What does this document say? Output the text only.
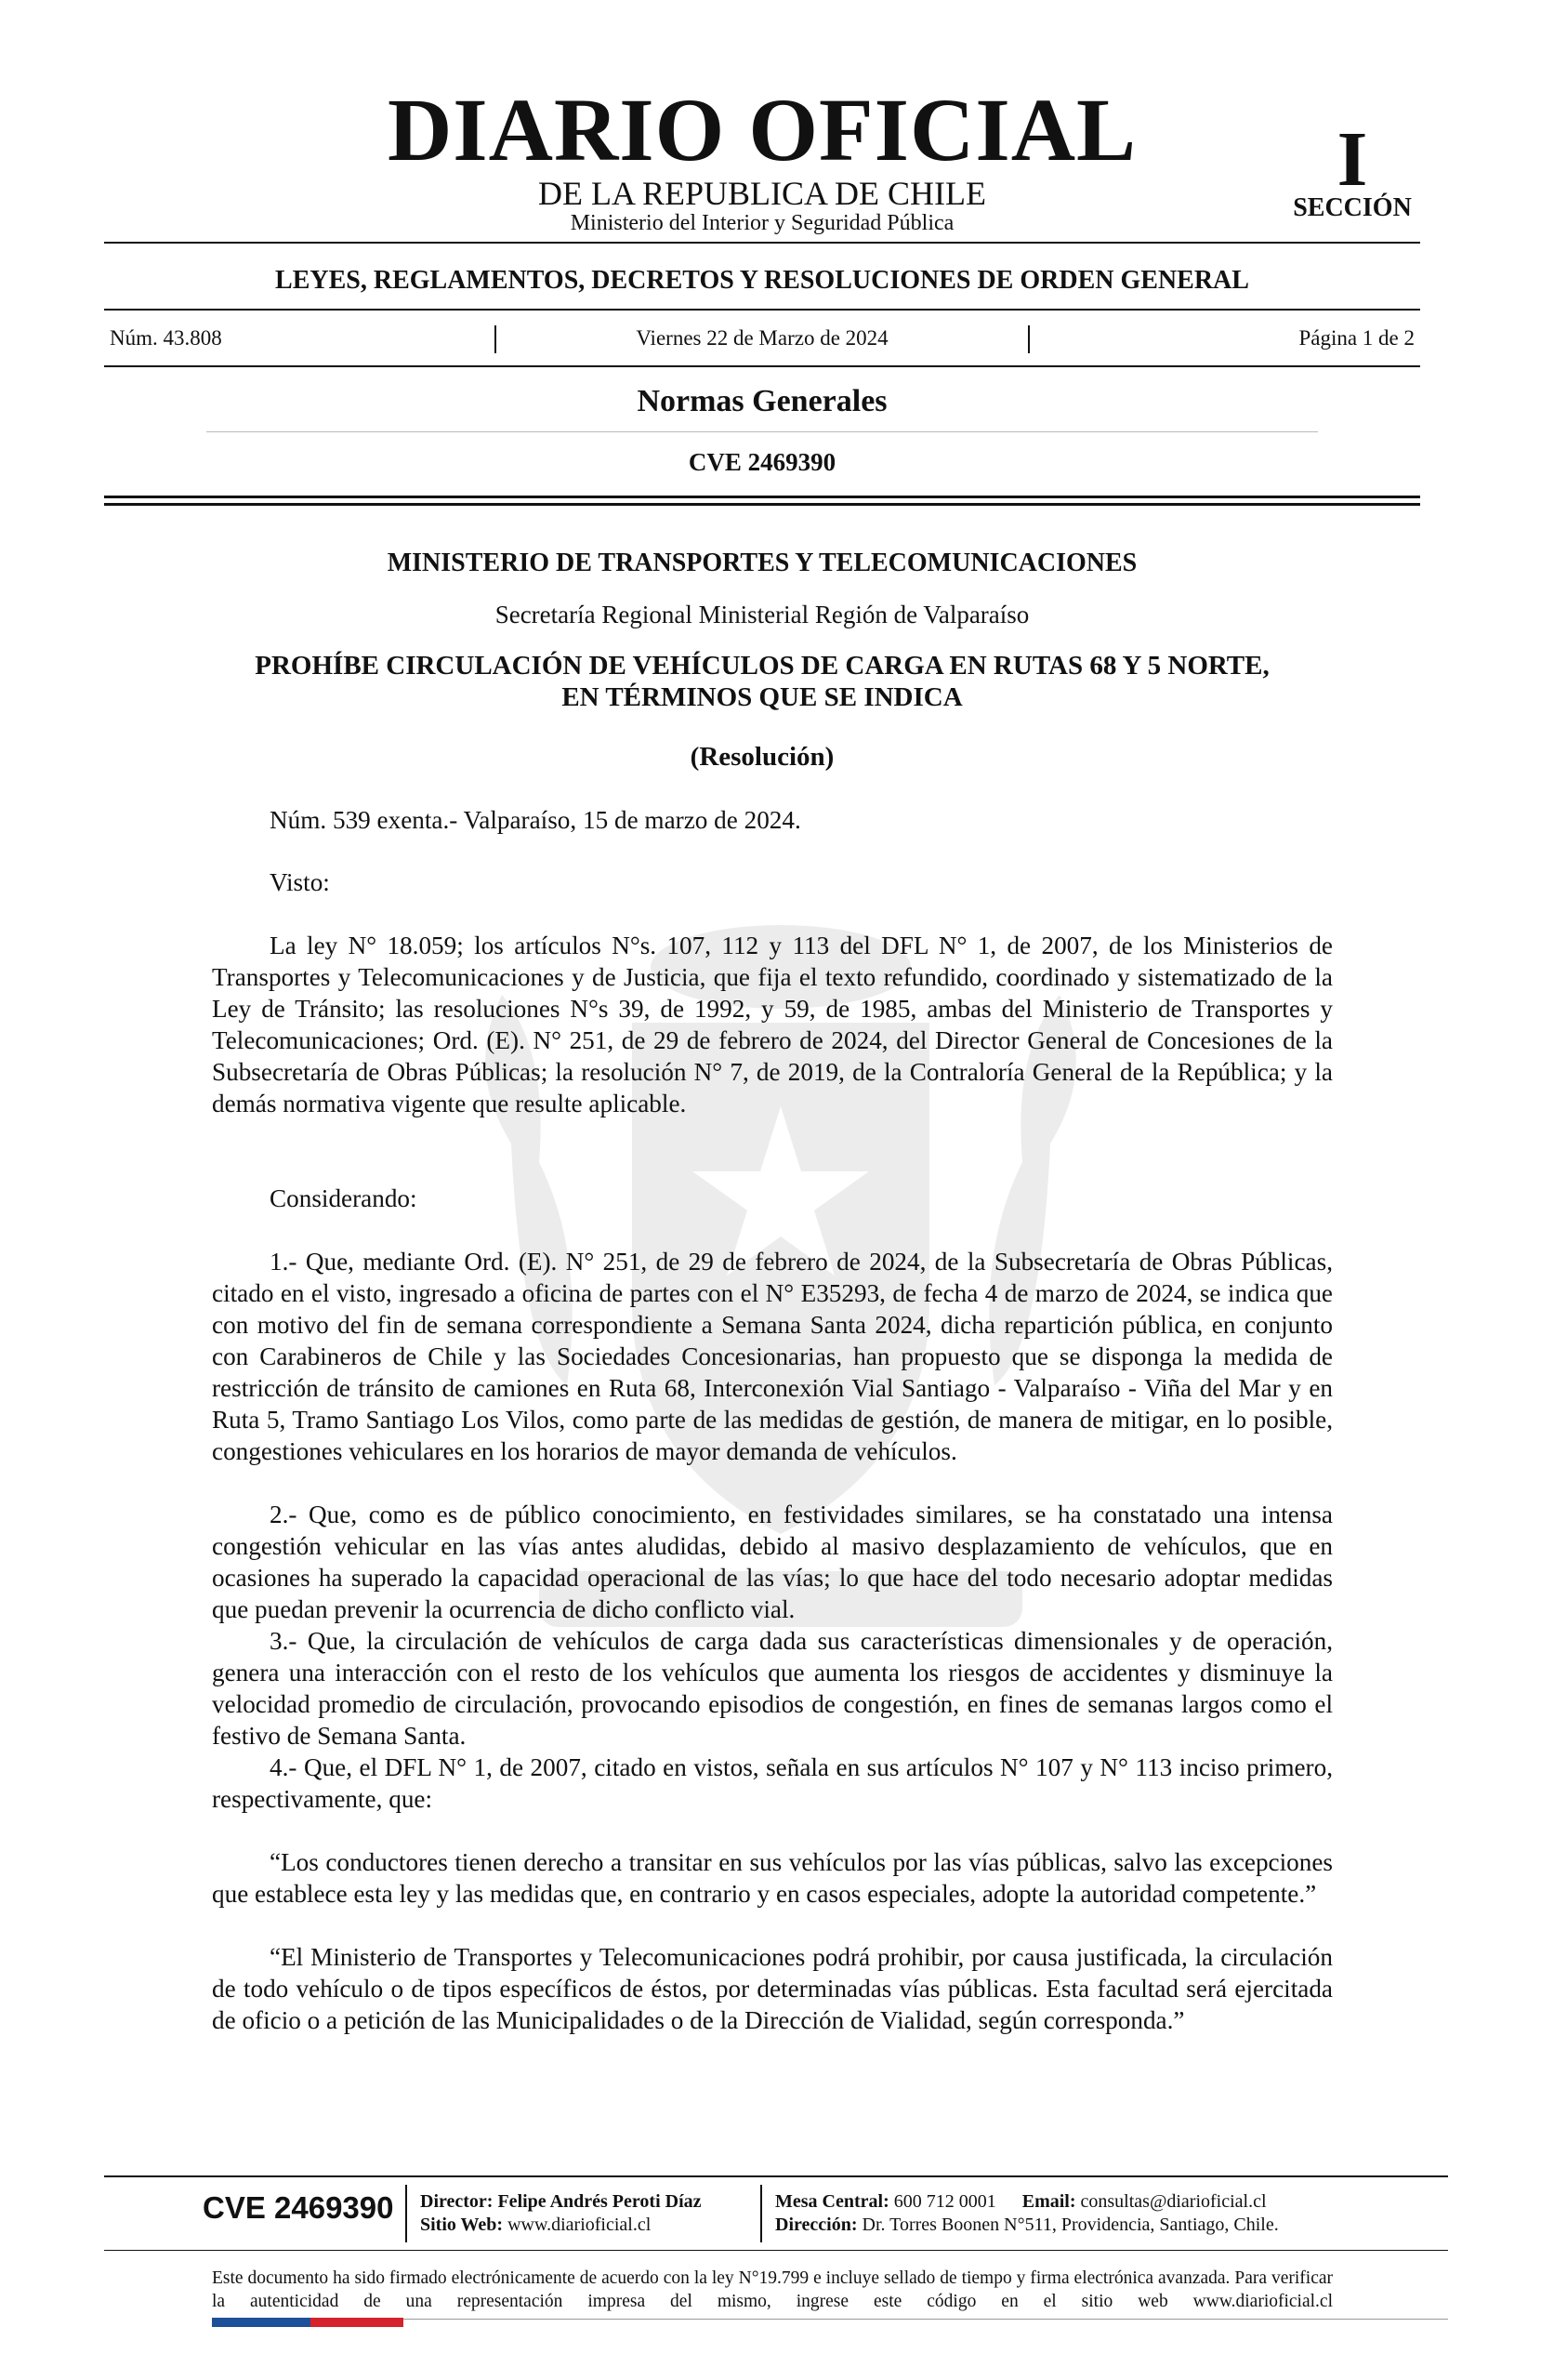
DIARIO OFICIAL
DE LA REPUBLICA DE CHILE
Ministerio del Interior y Seguridad Pública
I
SECCIÓN
LEYES, REGLAMENTOS, DECRETOS Y RESOLUCIONES DE ORDEN GENERAL
Núm. 43.808	Viernes 22 de Marzo de 2024	Página 1 de 2
Normas Generales
CVE 2469390
MINISTERIO DE TRANSPORTES Y TELECOMUNICACIONES
Secretaría Regional Ministerial Región de Valparaíso
PROHÍBE CIRCULACIÓN DE VEHÍCULOS DE CARGA EN RUTAS 68 Y 5 NORTE,
EN TÉRMINOS QUE SE INDICA
(Resolución)
Núm. 539 exenta.- Valparaíso, 15 de marzo de 2024.
Visto:
La ley N° 18.059; los artículos N°s. 107, 112 y 113 del DFL N° 1, de 2007, de los Ministerios de Transportes y Telecomunicaciones y de Justicia, que fija el texto refundido, coordinado y sistematizado de la Ley de Tránsito; las resoluciones N°s 39, de 1992, y 59, de 1985, ambas del Ministerio de Transportes y Telecomunicaciones; Ord. (E). N° 251, de 29 de febrero de 2024, del Director General de Concesiones de la Subsecretaría de Obras Públicas; la resolución N° 7, de 2019, de la Contraloría General de la República; y la demás normativa vigente que resulte aplicable.
Considerando:
1.- Que, mediante Ord. (E). N° 251, de 29 de febrero de 2024, de la Subsecretaría de Obras Públicas, citado en el visto, ingresado a oficina de partes con el N° E35293, de fecha 4 de marzo de 2024, se indica que con motivo del fin de semana correspondiente a Semana Santa 2024, dicha repartición pública, en conjunto con Carabineros de Chile y las Sociedades Concesionarias, han propuesto que se disponga la medida de restricción de tránsito de camiones en Ruta 68, Interconexión Vial Santiago - Valparaíso - Viña del Mar y en Ruta 5, Tramo Santiago Los Vilos, como parte de las medidas de gestión, de manera de mitigar, en lo posible, congestiones vehiculares en los horarios de mayor demanda de vehículos.
2.- Que, como es de público conocimiento, en festividades similares, se ha constatado una intensa congestión vehicular en las vías antes aludidas, debido al masivo desplazamiento de vehículos, que en ocasiones ha superado la capacidad operacional de las vías; lo que hace del todo necesario adoptar medidas que puedan prevenir la ocurrencia de dicho conflicto vial.
3.- Que, la circulación de vehículos de carga dada sus características dimensionales y de operación, genera una interacción con el resto de los vehículos que aumenta los riesgos de accidentes y disminuye la velocidad promedio de circulación, provocando episodios de congestión, en fines de semanas largos como el festivo de Semana Santa.
4.- Que, el DFL N° 1, de 2007, citado en vistos, señala en sus artículos N° 107 y N° 113 inciso primero, respectivamente, que:
“Los conductores tienen derecho a transitar en sus vehículos por las vías públicas, salvo las excepciones que establece esta ley y las medidas que, en contrario y en casos especiales, adopte la autoridad competente.”
“El Ministerio de Transportes y Telecomunicaciones podrá prohibir, por causa justificada, la circulación de todo vehículo o de tipos específicos de éstos, por determinadas vías públicas. Esta facultad será ejercitada de oficio o a petición de las Municipalidades o de la Dirección de Vialidad, según corresponda.”
CVE 2469390 Director: Felipe Andrés Peroti Díaz
Sitio Web: www.diarioficial.cl
Mesa Central: 600 712 0001 Email: consultas@diarioficial.cl
Dirección: Dr. Torres Boonen N°511, Providencia, Santiago, Chile.
Este documento ha sido firmado electrónicamente de acuerdo con la ley N°19.799 e incluye sellado de tiempo y firma electrónica avanzada. Para verificar la autenticidad de una representación impresa del mismo, ingrese este código en el sitio web www.diarioficial.cl
